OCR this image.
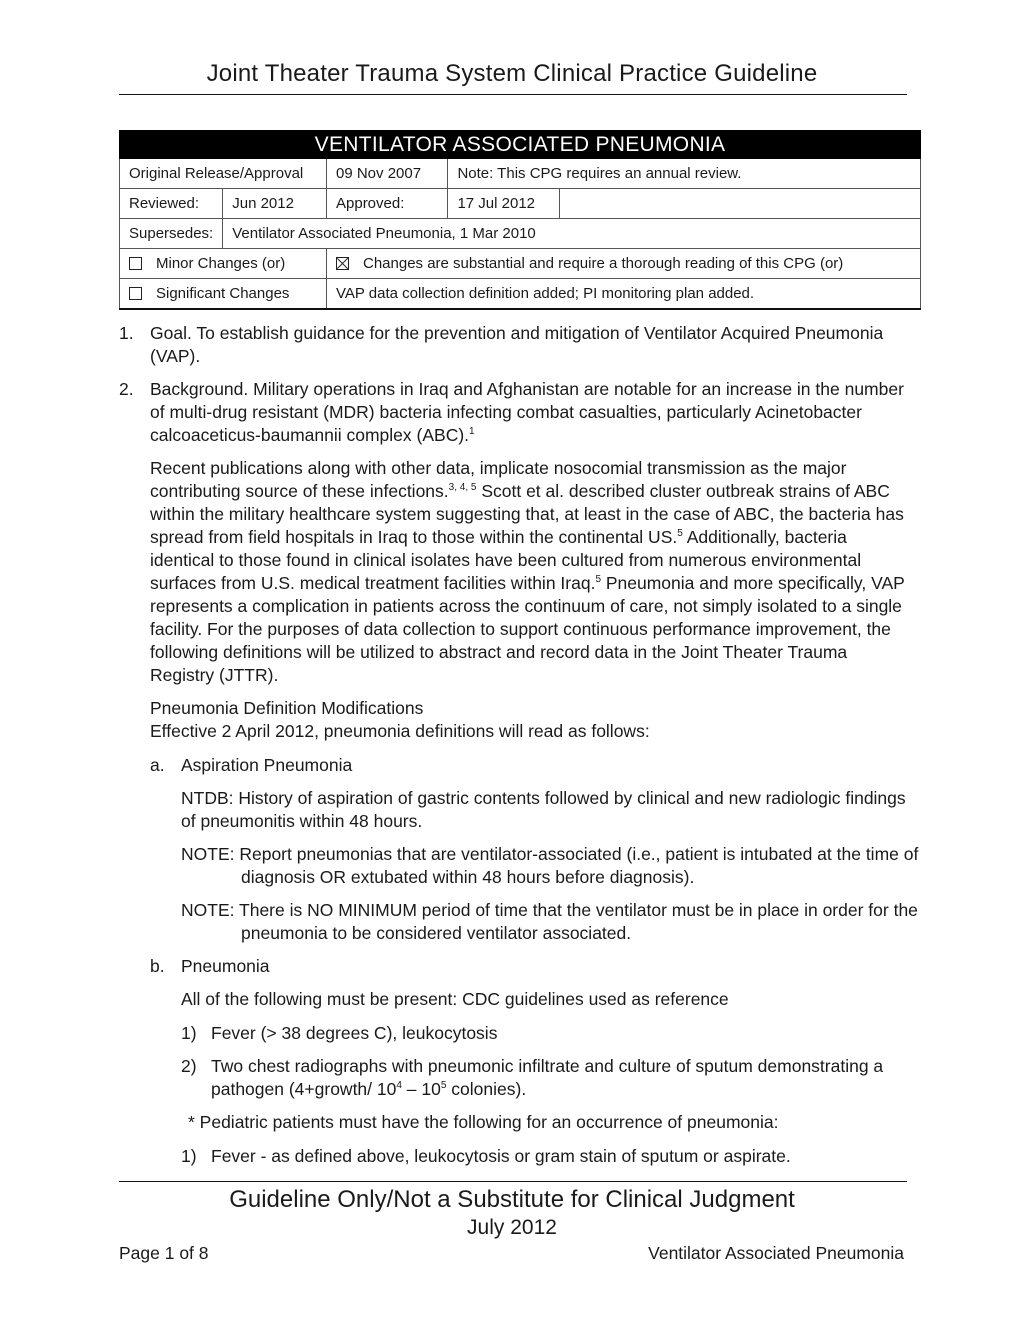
Joint Theater Trauma System Clinical Practice Guideline
VENTILATOR ASSOCIATED PNEUMONIA				
Original Release/Approval		09 Nov 2007	Note: This CPG requires an annual review.	
Reviewed:	Jun 2012	Approved:	17 Jul 2012	
Supersedes:	Ventilator Associated Pneumonia, 1 Mar 2010			
Minor Changes (or)		Changes are substantial and require a thorough reading of this CPG (or)		
Significant Changes		VAP data collection definition added; PI monitoring plan added.		
1. Goal. To establish guidance for the prevention and mitigation of Ventilator Acquired Pneumonia (VAP).
2. Background. Military operations in Iraq and Afghanistan are notable for an increase in the number of multi-drug resistant (MDR) bacteria infecting combat casualties, particularly Acinetobacter calcoaceticus-baumannii complex (ABC).$^1$
Recent publications along with other data, implicate nosocomial transmission as the major contributing source of these infections.$^{3, 4, 5}$ Scott et al. described cluster outbreak strains of ABC within the military healthcare system suggesting that, at least in the case of ABC, the bacteria has spread from field hospitals in Iraq to those within the continental US.$^5$ Additionally, bacteria identical to those found in clinical isolates have been cultured from numerous environmental surfaces from U.S. medical treatment facilities within Iraq.$^5$ Pneumonia and more specifically, VAP represents a complication in patients across the continuum of care, not simply isolated to a single facility. For the purposes of data collection to support continuous performance improvement, the following definitions will be utilized to abstract and record data in the Joint Theater Trauma Registry (JTTR).
Pneumonia Definition Modifications
Effective 2 April 2012, pneumonia definitions will read as follows:
a. Aspiration Pneumonia
NTDB: History of aspiration of gastric contents followed by clinical and new radiologic findings of pneumonitis within 48 hours.
NOTE: Report pneumonias that are ventilator-associated (i.e., patient is intubated at the time of diagnosis OR extubated within 48 hours before diagnosis).
NOTE: There is NO MINIMUM period of time that the ventilator must be in place in order for the pneumonia to be considered ventilator associated.
b. Pneumonia
All of the following must be present: CDC guidelines used as reference
1) Fever (> 38 degrees C), leukocytosis
2) Two chest radiographs with pneumonic infiltrate and culture of sputum demonstrating a pathogen (4+growth/ $10^4 - 10^5$ colonies).
* Pediatric patients must have the following for an occurrence of pneumonia:
1) Fever - as defined above, leukocytosis or gram stain of sputum or aspirate.
Guideline Only/Not a Substitute for Clinical Judgment
July 2012
Page 1 of 8	Ventilator Associated Pneumonia
